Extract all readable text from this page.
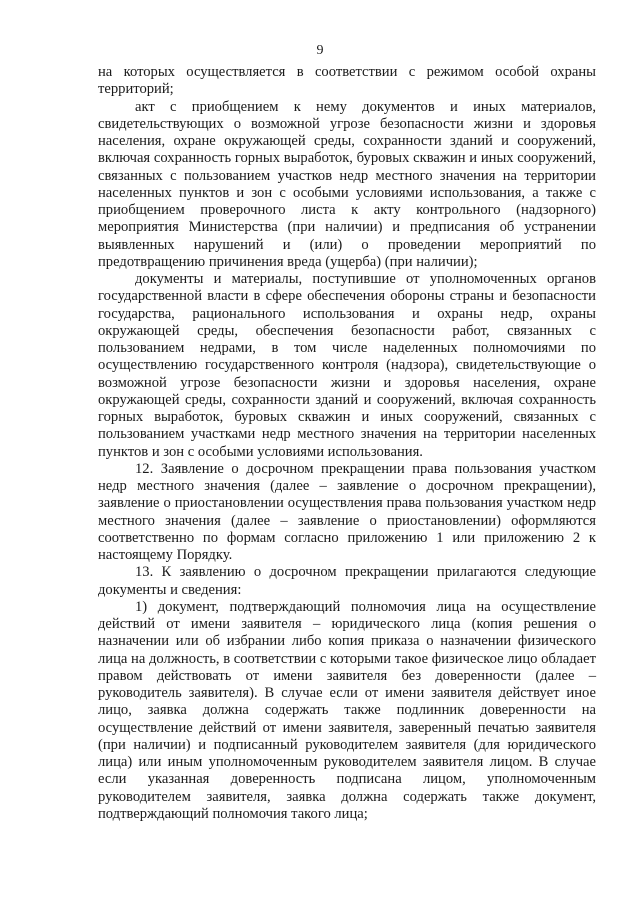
9

на которых осуществляется в соответствии с режимом особой охраны территорий;

акт с приобщением к нему документов и иных материалов, свидетельствующих о возможной угрозе безопасности жизни и здоровья населения, охране окружающей среды, сохранности зданий и сооружений, включая сохранность горных выработок, буровых скважин и иных сооружений, связанных с пользованием участков недр местного значения на территории населенных пунктов и зон с особыми условиями использования, а также с приобщением проверочного листа к акту контрольного (надзорного) мероприятия Министерства (при наличии) и предписания об устранении выявленных нарушений и (или) о проведении мероприятий по предотвращению причинения вреда (ущерба) (при наличии);

документы и материалы, поступившие от уполномоченных органов государственной власти в сфере обеспечения обороны страны и безопасности государства, рационального использования и охраны недр, охраны окружающей среды, обеспечения безопасности работ, связанных с пользованием недрами, в том числе наделенных полномочиями по осуществлению государственного контроля (надзора), свидетельствующие о возможной угрозе безопасности жизни и здоровья населения, охране окружающей среды, сохранности зданий и сооружений, включая сохранность горных выработок, буровых скважин и иных сооружений, связанных с пользованием участками недр местного значения на территории населенных пунктов и зон с особыми условиями использования.

12. Заявление о досрочном прекращении права пользования участком недр местного значения (далее – заявление о досрочном прекращении), заявление о приостановлении осуществления права пользования участком недр местного значения (далее – заявление о приостановлении) оформляются соответственно по формам согласно приложению 1 или приложению 2 к настоящему Порядку.

13. К заявлению о досрочном прекращении прилагаются следующие документы и сведения:

1) документ, подтверждающий полномочия лица на осуществление действий от имени заявителя – юридического лица (копия решения о назначении или об избрании либо копия приказа о назначении физического лица на должность, в соответствии с которыми такое физическое лицо обладает правом действовать от имени заявителя без доверенности (далее – руководитель заявителя). В случае если от имени заявителя действует иное лицо, заявка должна содержать также подлинник доверенности на осуществление действий от имени заявителя, заверенный печатью заявителя (при наличии) и подписанный руководителем заявителя (для юридического лица) или иным уполномоченным руководителем заявителя лицом. В случае если указанная доверенность подписана лицом, уполномоченным руководителем заявителя, заявка должна содержать также документ, подтверждающий полномочия такого лица;
